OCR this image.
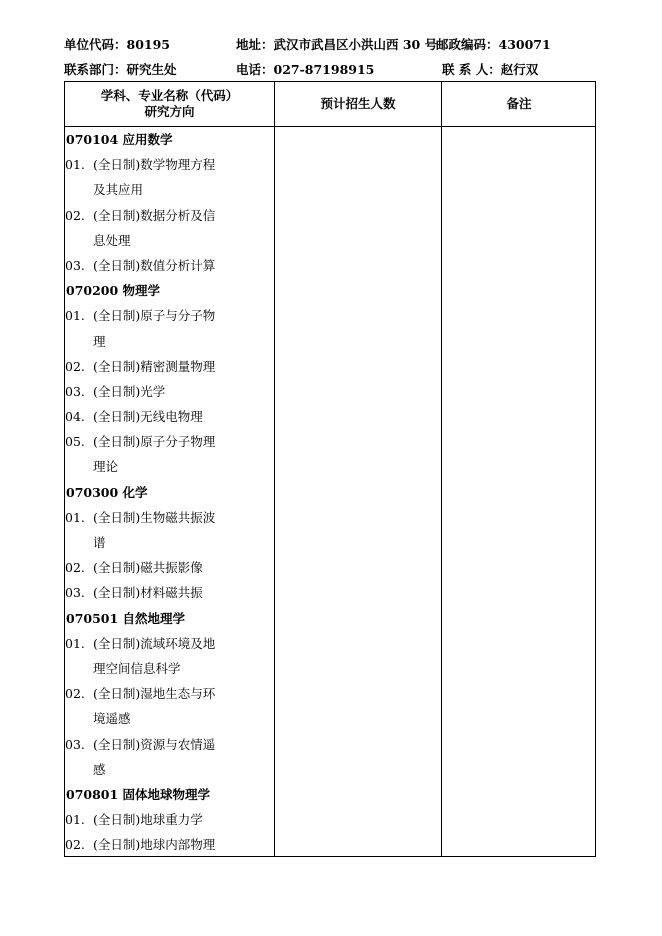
单位代码：80195	地址：武汉市武昌区小洪山西 30 号
邮政编码：430071
联系部门：研究生处	电话：027-87198915	联 系 人：赵行双
学科、专业名称（代码）
研究方向
预计招生人数	备注
070104 应用数学
01. (全日制)数学物理方程
及其应用
02. (全日制)数据分析及信
息处理
03. (全日制)数值分析计算
070200 物理学
01. (全日制)原子与分子物
理
02. (全日制)精密测量物理
03. (全日制)光学
04. (全日制)无线电物理
05. (全日制)原子分子物理
理论
070300 化学
01. (全日制)生物磁共振波
谱
02. (全日制)磁共振影像
03. (全日制)材料磁共振
070501 自然地理学
01. (全日制)流域环境及地
理空间信息科学
02. (全日制)湿地生态与环
境遥感
03. (全日制)资源与农情遥
感
070801 固体地球物理学
01. (全日制)地球重力学
02. (全日制)地球内部物理
